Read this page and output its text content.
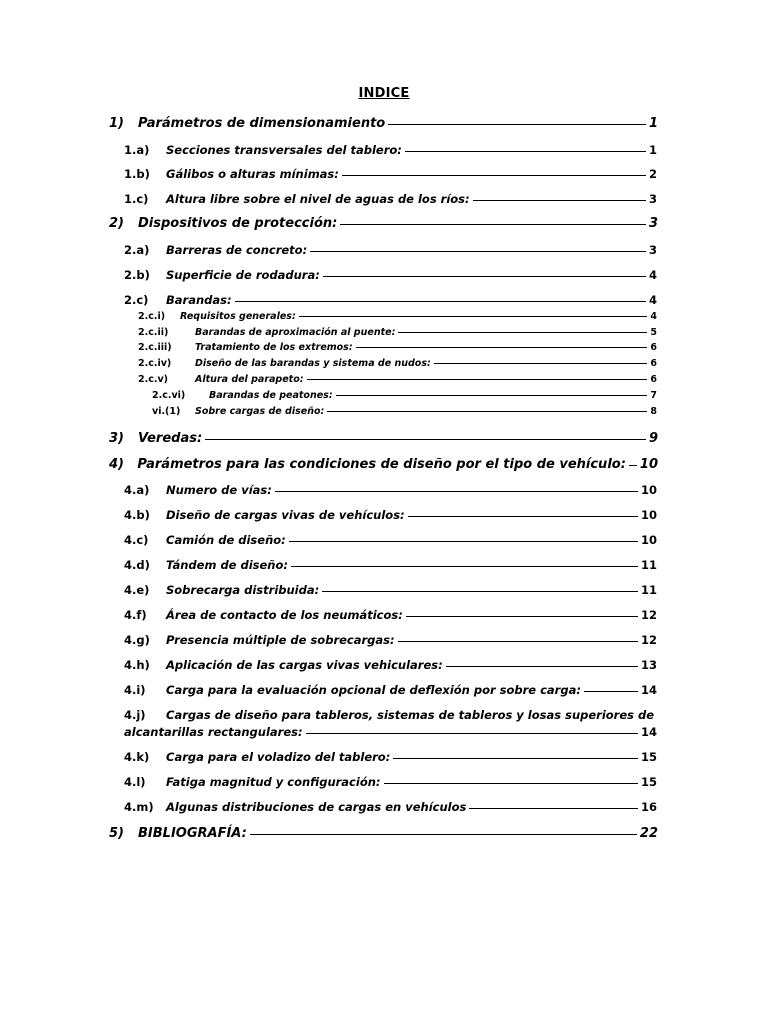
INDICE
1)	Parámetros de dimensionamiento	1
1.a)	Secciones transversales del tablero:	1
1.b)	Gálibos o alturas mínimas:	2
1.c)	Altura libre sobre el nivel de aguas de los ríos:	3
2)	Dispositivos de protección:	3
2.a)	Barreras de concreto:	3
2.b)	Superficie de rodadura:	4
2.c)	Barandas:	4
2.c.i)	Requisitos generales:	4
2.c.ii)	Barandas de aproximación al puente:	5
2.c.iii)	Tratamiento de los extremos:	6
2.c.iv)	Diseño de las barandas y sistema de nudos:	6
2.c.v)	Altura del parapeto:	6
2.c.vi)	Barandas de peatones:	7
vi.(1)	Sobre cargas de diseño:	8
3)	Veredas:	9
4)	Parámetros para las condiciones de diseño por el tipo de vehículo: 10
4.a)	Numero de vías:	10
4.b)	Diseño de cargas vivas de vehículos:	10
4.c)	Camión de diseño:	10
4.d)	Tándem de diseño:	11
4.e)	Sobrecarga distribuida:	11
4.f)	Área de contacto de los neumáticos:	12
4.g)	Presencia múltiple de sobrecargas:	12
4.h)	Aplicación de las cargas vivas vehiculares:	13
4.i)	Carga para la evaluación opcional de deflexión por sobre carga:	14
4.j) Cargas de diseño para tableros, sistemas de tableros y losas superiores de
alcantarillas rectangulares:	14
4.k)	Carga para el voladizo del tablero:	15
4.l)	Fatiga magnitud y configuración:	15
4.m)	Algunas distribuciones de cargas en vehículos	16
5)	BIBLIOGRAFÍA:	22
